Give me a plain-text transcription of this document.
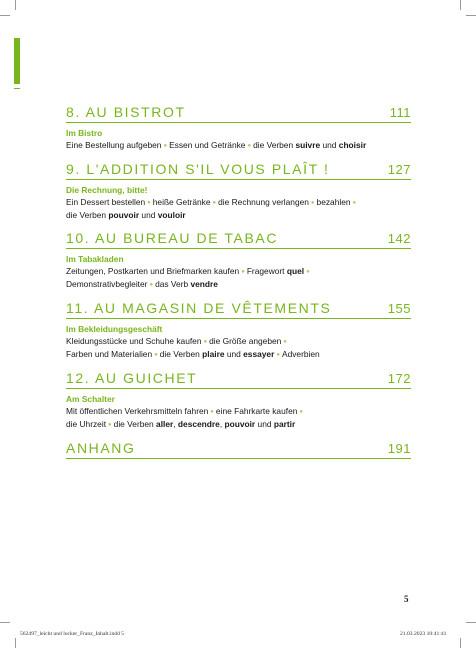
8. AU BISTROT	111
Im Bistro
Eine Bestellung aufgeben ● Essen und Getränke ● die Verben suivre und choisir
9. L'ADDITION S'IL VOUS PLAÎT !	127
Die Rechnung, bitte!
Ein Dessert bestellen ● heiße Getränke ● die Rechnung verlangen ● bezahlen ●
die Verben pouvoir und vouloir
10. AU BUREAU DE TABAC	142
Im Tabakladen
Zeitungen, Postkarten und Briefmarken kaufen ● Fragewort quel ●
Demonstrativbegleiter ● das Verb vendre
11. AU MAGASIN DE VÊTEMENTS	155
Im Bekleidungsgeschäft
Kleidungsstücke und Schuhe kaufen ● die Größe angeben ●
Farben und Materialien ● die Verben plaire und essayer ● Adverbien
12. AU GUICHET	172
Am Schalter
Mit öffentlichen Verkehrsmitteln fahren ● eine Fahrkarte kaufen ●
die Uhrzeit ● die Verben aller, descendre, pouvoir und partir
ANHANG	191
5
562497_leicht und locker_Franz_Inhalt.indd 5	21.03.2023 10:41:41
